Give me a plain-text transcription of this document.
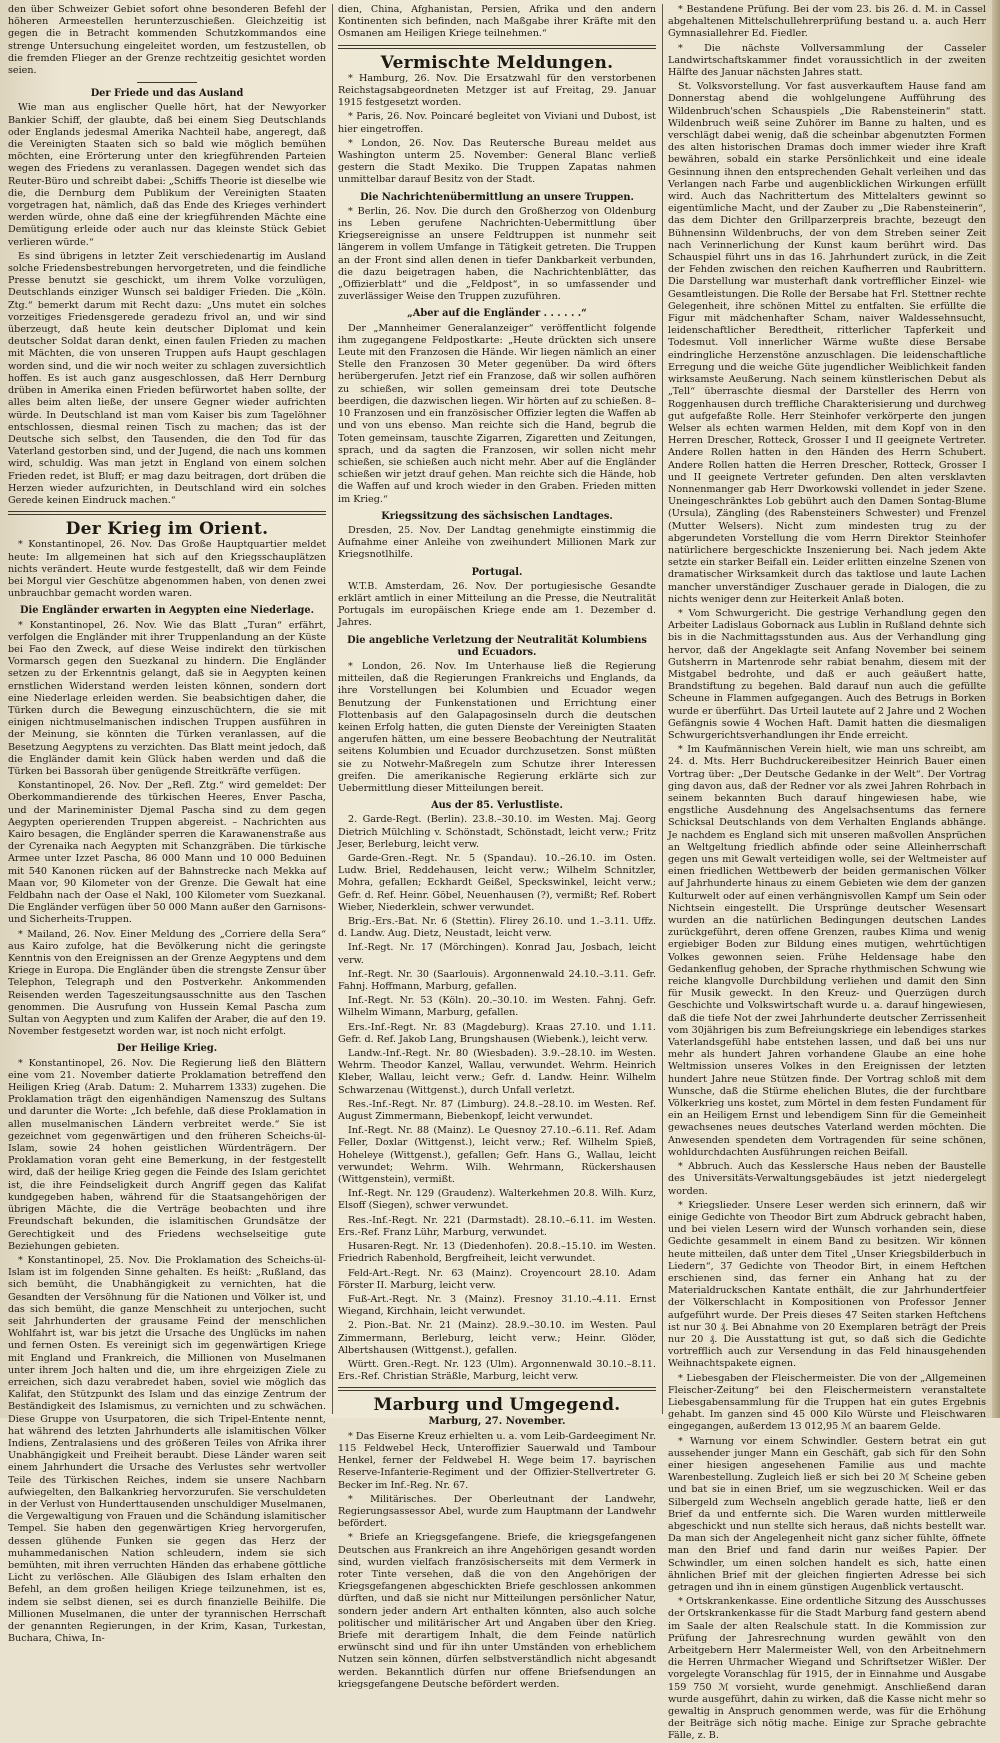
den über Schweizer Gebiet sofort ohne besonderen Befehl der höheren Armeestellen herunterzuschießen. Gleichzeitig ist gegen die in Betracht kommenden Schutzkommandos eine strenge Untersuchung eingeleitet worden, um festzustellen, ob die fremden Flieger an der Grenze rechtzeitig gesichtet worden seien.

Der Friede und das Ausland

Wie man aus englischer Quelle hört, hat der Newyorker Bankier Schiff, der glaubte, daß bei einem Sieg Deutschlands oder Englands jedesmal Amerika Nachteil habe, angeregt, daß die Vereinigten Staaten sich so bald wie möglich bemühen möchten, eine Erörterung unter den kriegführenden Parteien wegen des Friedens zu veranlassen. Dagegen wendet sich das Reuter-Büro und schreibt dabei: „Schiffs Theorie ist dieselbe wie die, die Dernburg dem Publikum der Vereinigten Staaten vorgetragen hat, nämlich, daß das Ende des Krieges verhindert werden würde, ohne daß eine der kriegführenden Mächte eine Demütigung erleide oder auch nur das kleinste Stück Gebiet verlieren würde.“

Es sind übrigens in letzter Zeit verschiedenartig im Ausland solche Friedensbestrebungen hervorgetreten, und die feindliche Presse benutzt sie geschickt, um ihrem Volke vorzulügen, Deutschlands einziger Wunsch sei baldiger Frieden. Die „Köln. Ztg.“ bemerkt darum mit Recht dazu: „Uns mutet ein solches vorzeitiges Friedensgerede geradezu frivol an, und wir sind überzeugt, daß heute kein deutscher Diplomat und kein deutscher Soldat daran denkt, einen faulen Frieden zu machen mit Mächten, die von unseren Truppen aufs Haupt geschlagen worden sind, und die wir noch weiter zu schlagen zuversichtlich hoffen. Es ist auch ganz ausgeschlossen, daß Herr Dernburg drüben in Amerika einen Frieden befürwortet haben sollte, der alles beim alten ließe, der unsere Gegner wieder aufrichten würde. In Deutschland ist man vom Kaiser bis zum Tagelöhner entschlossen, diesmal reinen Tisch zu machen; das ist der Deutsche sich selbst, den Tausenden, die den Tod für das Vaterland gestorben sind, und der Jugend, die nach uns kommen wird, schuldig. Was man jetzt in England von einem solchen Frieden redet, ist Bluff; er mag dazu beitragen, dort drüben die Herzen wieder aufzurichten, in Deutschland wird ein solches Gerede keinen Eindruck machen.“

Der Krieg im Orient.

* Konstantinopel, 26. Nov. Das Große Hauptquartier meldet heute: Im allgemeinen hat sich auf den Kriegsschauplätzen nichts verändert. Heute wurde festgestellt, daß wir dem Feinde bei Morgul vier Geschütze abgenommen haben, von denen zwei unbrauchbar gemacht worden waren.

Die Engländer erwarten in Aegypten eine Niederlage.

* Konstantinopel, 26. Nov. Wie das Blatt „Turan“ erfährt, verfolgen die Engländer mit ihrer Truppenlandung an der Küste bei Fao den Zweck, auf diese Weise indirekt den türkischen Vormarsch gegen den Suezkanal zu hindern. Die Engländer setzen zu der Erkenntnis gelangt, daß sie in Aegypten keinen ernstlichen Widerstand werden leisten können, sondern dort eine Niederlage erleiden werden. Sie beabsichtigen daher, die Türken durch die Bewegung einzuschüchtern, die sie mit einigen nichtmuselmanischen indischen Truppen ausführen in der Meinung, sie könnten die Türken veranlassen, auf die Besetzung Aegyptens zu verzichten. Das Blatt meint jedoch, daß die Engländer damit kein Glück haben werden und daß die Türken bei Bassorah über genügende Streitkräfte verfügen.

Konstantinopel, 26. Nov. Der „Refl. Ztg.“ wird gemeldet: Der Oberkommandierende des türkischen Heeres, Enver Pascha, und der Marineminister Djemal Pascha sind zu dem gegen Aegypten operierenden Truppen abgereist. – Nachrichten aus Kairo besagen, die Engländer sperren die Karawanenstraße aus der Cyrenaika nach Aegypten mit Schanzgräben. Die türkische Armee unter Izzet Pascha, 86 000 Mann und 10 000 Beduinen mit 540 Kanonen rücken auf der Bahnstrecke nach Mekka auf Maan vor, 90 Kilometer von der Grenze. Die Gewalt hat eine Feldbahn nach der Oase el Nakl, 100 Kilometer vom Suezkanal. Die Engländer verfügen über 50 000 Mann außer den Garnisons- und Sicherheits-Truppen.

* Mailand, 26. Nov. Einer Meldung des „Corriere della Sera“ aus Kairo zufolge, hat die Bevölkerung nicht die geringste Kenntnis von den Ereignissen an der Grenze Aegyptens und dem Kriege in Europa. Die Engländer üben die strengste Zensur über Telephon, Telegraph und den Postverkehr. Ankommenden Reisenden werden Tageszeitungsausschnitte aus den Taschen genommen. Die Ausrufung von Hussein Kemal Pascha zum Sultan von Aegypten und zum Kalifen der Araber, die auf den 19. November festgesetzt worden war, ist noch nicht erfolgt.

Der Heilige Krieg.

* Konstantinopel, 26. Nov. Die Regierung ließ den Blättern eine vom 21. November datierte Proklamation betreffend den Heiligen Krieg (Arab. Datum: 2. Muharrem 1333) zugehen. Die Proklamation trägt den eigenhändigen Namenszug des Sultans und darunter die Worte: „Ich befehle, daß diese Proklamation in allen muselmanischen Ländern verbreitet werde.“ Sie ist gezeichnet vom gegenwärtigen und den früheren Scheichs-ül-Islam, sowie 24 hohen geistlichen Würdenträgern. Der Proklamation voran geht eine Bemerkung, in der festgestellt wird, daß der heilige Krieg gegen die Feinde des Islam gerichtet ist, die ihre Feindseligkeit durch Angriff gegen das Kalifat kundgegeben haben, während für die Staatsangehörigen der übrigen Mächte, die die Verträge beobachten und ihre Freundschaft bekunden, die islamitischen Grundsätze der Gerechtigkeit und des Friedens wechselseitige gute Beziehungen gebieten.

* Konstantinopel, 25. Nov. Die Proklamation des Scheichs-ül-Islam ist im folgenden Sinne gehalten. Es heißt: „Rußland, das sich bemüht, die Unabhängigkeit zu vernichten, hat die Gesandten der Versöhnung für die Nationen und Völker ist, und das sich bemüht, die ganze Menschheit zu unterjochen, sucht seit Jahrhunderten der grausame Feind der menschlichen Wohlfahrt ist, war bis jetzt die Ursache des Unglücks im nahen und fernen Osten. Es vereinigt sich im gegenwärtigen Kriege mit England und Frankreich, die Millionen von Muselmanen unter ihrem Joch halten und die, um ihre ehrgeizigen Ziele zu erreichen, sich dazu verabredet haben, soviel wie möglich das Kalifat, den Stützpunkt des Islam und das einzige Zentrum der Beständigkeit des Islamismus, zu vernichten und zu schwächen. Diese Gruppe von Usurpatoren, die sich Tripel-Entente nennt, hat während des letzten Jahrhunderts alle islamitischen Völker Indiens, Zentralasiens und des größeren Teiles von Afrika ihrer Unabhängigkeit und Freiheit beraubt. Diese Länder waren seit einem Jahrhundert die Ursache des Verlustes sehr wertvoller Teile des Türkischen Reiches, indem sie unsere Nachbarn aufwiegelten, den Balkankrieg hervorzurufen. Sie verschuldeten in der Verlust von Hunderttausenden unschuldiger Muselmanen, die Vergewaltigung von Frauen und die Schändung islamitischer Tempel. Sie haben den gegenwärtigen Krieg hervorgerufen, dessen glühende Funken sie gegen das Herz der muhammedanischen Nation schleudern, indem sie sich bemühten, mit ihren verruchten Händen das erhabene göttliche Licht zu verlöschen. Alle Gläubigen des Islam erhalten den Befehl, an dem großen heiligen Kriege teilzunehmen, ist es, indem sie selbst dienen, sei es durch finanzielle Beihilfe. Die Millionen Muselmanen, die unter der tyrannischen Herrschaft der genannten Regierungen, in der Krim, Kasan, Turkestan, Buchara, Chiwa, In-

dien, China, Afghanistan, Persien, Afrika und den andern Kontinenten sich befinden, nach Maßgabe ihrer Kräfte mit den Osmanen am Heiligen Kriege teilnehmen.“

Vermischte Meldungen.

* Hamburg, 26. Nov. Die Ersatzwahl für den verstorbenen Reichstagsabgeordneten Metzger ist auf Freitag, 29. Januar 1915 festgesetzt worden.

* Paris, 26. Nov. Poincaré begleitet von Viviani und Dubost, ist hier eingetroffen.

* London, 26. Nov. Das Reutersche Bureau meldet aus Washington unterm 25. November: General Blanc verließ gestern die Stadt Mexiko. Die Truppen Zapatas nahmen unmittelbar darauf Besitz von der Stadt.

Die Nachrichtenübermittlung an unsere Truppen.

* Berlin, 26. Nov. Die durch den Großherzog von Oldenburg ins Leben gerufene Nachrichten-Uebermittlung über Kriegsereignisse an unsere Feldtruppen ist nunmehr seit längerem in vollem Umfange in Tätigkeit getreten. Die Truppen an der Front sind allen denen in tiefer Dankbarkeit verbunden, die dazu beigetragen haben, die Nachrichtenblätter, das „Offizierblatt“ und die „Feldpost“, in so umfassender und zuverlässiger Weise den Truppen zuzuführen.

„Aber auf die Engländer . . . . . .“

Der „Mannheimer Generalanzeiger“ veröffentlicht folgende ihm zugegangene Feldpostkarte: „Heute drückten sich unsere Leute mit den Franzosen die Hände. Wir liegen nämlich an einer Stelle den Franzosen 30 Meter gegenüber. Da wird öfters herübergerufen. Jetzt rief ein Franzose, daß wir sollen aufhören zu schießen, wir sollen gemeinsam drei tote Deutsche beerdigen, die dazwischen liegen. Wir hörten auf zu schießen. 8–10 Franzosen und ein französischer Offizier legten die Waffen ab und von uns ebenso. Man reichte sich die Hand, begrub die Toten gemeinsam, tauschte Zigarren, Zigaretten und Zeitungen, sprach, und da sagten die Franzosen, wir sollen nicht mehr schießen, sie schießen auch nicht mehr. Aber auf die Engländer schießen wir jetzt drauf gehen. Man reichte sich die Hände, hob die Waffen auf und kroch wieder in den Graben. Frieden mitten im Krieg.“

Kriegssitzung des sächsischen Landtages.

Dresden, 25. Nov. Der Landtag genehmigte einstimmig die Aufnahme einer Anleihe von zweihundert Millionen Mark zur Kriegsnotlhilfe.

Portugal.

W.T.B. Amsterdam, 26. Nov. Der portugiesische Gesandte erklärt amtlich in einer Mitteilung an die Presse, die Neutralität Portugals im europäischen Kriege ende am 1. Dezember d. Jahres.

Die angebliche Verletzung der Neutralität Kolumbiens und Ecuadors.

* London, 26. Nov. Im Unterhause ließ die Regierung mitteilen, daß die Regierungen Frankreichs und Englands, da ihre Vorstellungen bei Kolumbien und Ecuador wegen Benutzung der Funkenstationen und Errichtung einer Flottenbasis auf den Galapagosinseln durch die deutschen keinen Erfolg hatten, die guten Dienste der Vereinigten Staaten angerufen hätten, um eine bessere Beobachtung der Neutralität seitens Kolumbien und Ecuador durchzusetzen. Sonst müßten sie zu Notwehr-Maßregeln zum Schutze ihrer Interessen greifen. Die amerikanische Regierung erklärte sich zur Uebermittlung dieser Mitteilungen bereit.

Aus der 85. Verlustliste.

2. Garde-Regt. (Berlin). 23.8.–30.10. im Westen. Maj. Georg Dietrich Mülchling v. Schönstadt, Schönstadt, leicht verw.; Fritz Jeser, Berleburg, leicht verw.

Garde-Gren.-Regt. Nr. 5 (Spandau). 10.–26.10. im Osten. Ludw. Briel, Reddehausen, leicht verw.; Wilhelm Schnitzler, Mohra, gefallen; Eckhardt Geißel, Speckswinkel, leicht verw.; Gefr. d. Ref. Heinr. Göbel, Neuenhausen (?), vermißt; Ref. Robert Wieber, Niederklein, schwer verwundet.

Brig.-Ers.-Bat. Nr. 6 (Stettin). Flirey 26.10. und 1.–3.11. Uffz. d. Landw. Aug. Dietz, Neustadt, leicht verw.

Inf.-Regt. Nr. 17 (Mörchingen). Konrad Jau, Josbach, leicht verw.

Inf.-Regt. Nr. 30 (Saarlouis). Argonnenwald 24.10.–3.11. Gefr. Fahnj. Hoffmann, Marburg, gefallen.

Inf.-Regt. Nr. 53 (Köln). 20.–30.10. im Westen. Fahnj. Gefr. Wilhelm Wimann, Marburg, gefallen.

Ers.-Inf.-Regt. Nr. 83 (Magdeburg). Kraas 27.10. und 1.11. Gefr. d. Ref. Jakob Lang, Brungshausen (Wiebenk.), leicht verw.

Landw.-Inf.-Regt. Nr. 80 (Wiesbaden). 3.9.–28.10. im Westen. Wehrm. Theodor Kanzel, Wallau, verwundet. Wehrm. Heinrich Kleber, Wallau, leicht verw.; Gefr. d. Landw. Heinr. Wilhelm Schwarzenau (Wittgenst.), durch Unfall verletzt.

Res.-Inf.-Regt. Nr. 87 (Limburg). 24.8.–28.10. im Westen. Ref. August Zimmermann, Biebenkopf, leicht verwundet.

Inf.-Regt. Nr. 88 (Mainz). Le Quesnoy 27.10.–6.11. Ref. Adam Feller, Doxlar (Wittgenst.), leicht verw.; Ref. Wilhelm Spieß, Hoheleye (Wittgenst.), gefallen; Gefr. Hans G., Wallau, leicht verwundet; Wehrm. Wilh. Wehrmann, Rückershausen (Wittgenstein), vermißt.

Inf.-Regt. Nr. 129 (Graudenz). Walterkehmen 20.8. Wilh. Kurz, Elsoff (Siegen), schwer verwundet.

Res.-Inf.-Regt. Nr. 221 (Darmstadt). 28.10.–6.11. im Westen. Ers.-Ref. Franz Lühr, Marburg, verwundet.

Husaren-Regt. Nr. 13 (Diedenhofen). 20.8.–15.10. im Westen. Friedrich Rabenhold, Bergfreiheit, leicht verwundet.

Feld-Art.-Regt. Nr. 63 (Mainz). Croyencourt 28.10. Adam Förster II. Marburg, leicht verw.

Fuß-Art.-Regt. Nr. 3 (Mainz). Fresnoy 31.10.–4.11. Ernst Wiegand, Kirchhain, leicht verwundet.

2. Pion.-Bat. Nr. 21 (Mainz). 28.9.–30.10. im Westen. Paul Zimmermann, Berleburg, leicht verw.; Heinr. Glöder, Albertshausen (Wittgenst.), gefallen.

Württ. Gren.-Regt. Nr. 123 (Ulm). Argonnenwald 30.10.–8.11. Ers.-Ref. Christian Sträßle, Marburg, leicht verw.

Marburg und Umgegend.
Marburg, 27. November.

* Das Eiserne Kreuz erhielten u. a. vom Leib-Gardeegiment Nr. 115 Feldwebel Heck, Unteroffizier Sauerwald und Tambour Henkel, ferner der Feldwebel H. Wege beim 17. bayrischen Reserve-Infanterie-Regiment und der Offizier-Stellvertreter G. Becker im Inf.-Reg. Nr. 67.

* Militärisches. Der Oberleutnant der Landwehr, Regierungsassessor Abel, wurde zum Hauptmann der Landwehr befördert.

* Briefe an Kriegsgefangene. Briefe, die kriegsgefangenen Deutschen aus Frankreich an ihre Angehörigen gesandt worden sind, wurden vielfach französischerseits mit dem Vermerk in roter Tinte versehen, daß die von den Angehörigen der Kriegsgefangenen abgeschickten Briefe geschlossen ankommen dürften, und daß sie nicht nur Mitteilungen persönlicher Natur, sondern jeder andern Art enthalten könnten, also auch solche politischer und militärischer Art und Angaben über den Krieg. Briefe mit derartigem Inhalt, die dem Feinde natürlich erwünscht sind und für ihn unter Umständen von erheblichem Nutzen sein können, dürfen selbstverständlich nicht abgesandt werden. Bekanntlich dürfen nur offene Briefsendungen an kriegsgefangene Deutsche befördert werden.

* Bestandene Prüfung. Bei der vom 23. bis 26. d. M. in Cassel abgehaltenen Mittelschullehrerprüfung bestand u. a. auch Herr Gymnasiallehrer Ed. Fiedler.

* Die nächste Vollversammlung der Casseler Landwirtschaftskammer findet voraussichtlich in der zweiten Hälfte des Januar nächsten Jahres statt.

St. Volksvorstellung. Vor fast ausverkauftem Hause fand am Donnerstag abend die wohlgelungene Aufführung des Wildenbruch'schen Schauspiels „Die Rabensteinerin“ statt. Wildenbruch weiß seine Zuhörer im Banne zu halten, und es verschlägt dabei wenig, daß die scheinbar abgenutzten Formen des alten historischen Dramas doch immer wieder ihre Kraft bewähren, sobald ein starke Persönlichkeit und eine ideale Gesinnung ihnen den entsprechenden Gehalt verleihen und das Verlangen nach Farbe und augenblicklichen Wirkungen erfüllt wird. Auch das Nachrittertum des Mittelalters gewinnt so eigentümliche Macht, und der Zauber zu „Die Rabensteinerin“, das dem Dichter den Grillparzerpreis brachte, bezeugt den Bühnensinn Wildenbruchs, der von dem Streben seiner Zeit nach Verinnerlichung der Kunst kaum berührt wird. Das Schauspiel führt uns in das 16. Jahrhundert zurück, in die Zeit der Fehden zwischen den reichen Kaufherren und Raubrittern. Die Darstellung war musterhaft dank vortrefflicher Einzel- wie Gesamtleistungen. Die Rolle der Bersabe hat Frl. Stettner rechte Gelegenheit, ihre schönen Mittel zu entfalten. Sie erfüllte die Figur mit mädchenhafter Scham, naiver Waldessehnsucht, leidenschaftlicher Beredtheit, ritterlicher Tapferkeit und Todesmut. Voll innerlicher Wärme wußte diese Bersabe eindringliche Herzenstöne anzuschlagen. Die leidenschaftliche Erregung und die weiche Güte jugendlicher Weiblichkeit fanden wirksamste Aeußerung. Nach seinem künstlerischen Debut als „Tell“ überraschte diesmal der Darsteller des Herrn von Roggenhausen durch treffliche Charakterisierung und durchweg gut aufgefaßte Rolle. Herr Steinhofer verkörperte den jungen Welser als echten warmen Helden, mit dem Kopf von in den Herren Drescher, Rotteck, Grosser I und II geeignete Vertreter. Andere Rollen hatten in den Händen des Herrn Schubert. Andere Rollen hatten die Herren Drescher, Rotteck, Grosser I und II geeignete Vertreter gefunden. Den alten versklavten Nonnenmanger gab Herr Dworkowski vollendet in jeder Szene. Uneingeschränktes Lob gebührt auch den Damen Sontag-Blume (Ursula), Zängling (des Rabensteiners Schwester) und Frenzel (Mutter Welsers). Nicht zum mindesten trug zu der abgerundeten Vorstellung die vom Herrn Direktor Steinhofer natürlichere bergeschickte Inszenierung bei. Nach jedem Akte setzte ein starker Beifall ein. Leider erlitten einzelne Szenen von dramatischer Wirksamkeit durch das taktlose und laute Lachen mancher unverständiger Zuschauer gerade in Dialogen, die zu nichts weniger denn zur Heiterkeit Anlaß boten.

* Vom Schwurgericht. Die gestrige Verhandlung gegen den Arbeiter Ladislaus Gobornack aus Lublin in Rußland dehnte sich bis in die Nachmittagsstunden aus. Aus der Verhandlung ging hervor, daß der Angeklagte seit Anfang November bei seinem Gutsherrn in Martenrode sehr rabiat benahm, diesem mit der Mistgabel bedrohte, und daß er auch geäußert hatte, Brandstiftung zu begehen. Bald darauf nun auch die gefüllte Scheune in Flammen aufgegangen. Auch des Betrugs in Borken wurde er überführt. Das Urteil lautete auf 2 Jahre und 2 Wochen Gefängnis sowie 4 Wochen Haft. Damit hatten die diesmaligen Schwurgerichtsverhandlungen ihr Ende erreicht.

* Im Kaufmännischen Verein hielt, wie man uns schreibt, am 24. d. Mts. Herr Buchdruckereibesitzer Heinrich Bauer einen Vortrag über: „Der Deutsche Gedanke in der Welt“. Der Vortrag ging davon aus, daß der Redner vor als zwei Jahren Rohrbach in seinem bekannten Buch darauf hingewiesen habe, wie engstliche Ausdehnung des Angelsachsentums das fernere Schicksal Deutschlands von dem Verhalten Englands abhänge. Je nachdem es England sich mit unseren maßvollen Ansprüchen an Weltgeltung friedlich abfinde oder seine Alleinherrschaft gegen uns mit Gewalt verteidigen wolle, sei der Weltmeister auf einen friedlichen Wettbewerb der beiden germanischen Völker auf Jahrhunderte hinaus zu einem Gebieten wie dem der ganzen Kulturwelt oder auf einen verhängnisvollen Kampf um Sein oder Nichtsein eingestellt. Die Ursprünge deutscher Wesensart wurden an die natürlichen Bedingungen deutschen Landes zurückgeführt, deren offene Grenzen, raubes Klima und wenig ergiebiger Boden zur Bildung eines mutigen, wehrtüchtigen Volkes gewonnen seien. Frühe Heldensage habe den Gedankenflug gehoben, der Sprache rhythmischen Schwung wie reiche klangvolle Durchbildung verliehen und damit den Sinn für Musik geweckt. In den Kreuz- und Querzügen durch Geschichte und Volkswirtschaft wurde u. a. darauf hingewiesen, daß die tiefe Not der zwei Jahrhunderte deutscher Zerrissenheit vom 30jährigen bis zum Befreiungskriege ein lebendiges starkes Vaterlandsgefühl habe entstehen lassen, und daß bei uns nur mehr als hundert Jahren vorhandene Glaube an eine hohe Weltmission unseres Volkes in den Ereignissen der letzten hundert Jahre neue Stützen finde. Der Vortrag schloß mit dem Wunsche, daß die Stürme ehelichen Blutes, die der furchtbare Völkerkrieg uns kostet, zum Mörtel in dem festen Fundament für ein an Heiligem Ernst und lebendigem Sinn für die Gemeinheit gewachsenes neues deutsches Vaterland werden möchten. Die Anwesenden spendeten dem Vortragenden für seine schönen, wohldurchdachten Ausführungen reichen Beifall.

* Abbruch. Auch das Kesslersche Haus neben der Baustelle des Universitäts-Verwaltungsgebäudes ist jetzt niedergelegt worden.

* Kriegslieder. Unsere Leser werden sich erinnern, daß wir einige Gedichte von Theodor Birt zum Abdruck gebracht haben, und bei vielen Lesern wird der Wunsch vorhanden sein, diese Gedichte gesammelt in einem Band zu besitzen. Wir können heute mitteilen, daß unter dem Titel „Unser Kriegsbilderbuch in Liedern“, 37 Gedichte von Theodor Birt, in einem Heftchen erschienen sind, das ferner ein Anhang hat zu der Materialdruckschen Kantate enthält, die zur Jahrhundertfeier der Völkerschlacht in Kompositionen von Professor Jenner aufgeführt wurde. Der Preis dieses 47 Seiten starken Heftchens ist nur 30 ₰. Bei Abnahme von 20 Exemplaren beträgt der Preis nur 20 ₰. Die Ausstattung ist gut, so daß sich die Gedichte vortrefflich auch zur Versendung in das Feld hinausgehenden Weihnachtspakete eignen.

* Liebesgaben der Fleischermeister. Die von der „Allgemeinen Fleischer-Zeitung“ bei den Fleischermeistern veranstaltete Liebesgabensammlung für die Truppen hat ein gutes Ergebnis gehabt. Im ganzen sind 45 000 Kilo Würste und Fleischwaren eingegangen, außerdem 13 012,95 ℳ an baarem Gelde.

* Warnung vor einem Schwindler. Gestern betrat ein gut aussehender junger Mann ein Geschäft, gab sich für den Sohn einer hiesigen angesehenen Familie aus und machte Warenbestellung. Zugleich ließ er sich bei 20 ℳ Scheine geben und bat sie in einen Brief, um sie wegzuschicken. Weil er das Silbergeld zum Wechseln angeblich gerade hatte, ließ er den Brief da und entfernte sich. Die Waren wurden mittlerweile abgeschickt und nun stellte sich heraus, daß nichts bestellt war. Da man sich der Angelegenheit nicht ganz sicher fühlte, öffnete man den Brief und fand darin nur weißes Papier. Der Schwindler, um einen solchen handelt es sich, hatte einen ähnlichen Brief mit der gleichen fingierten Adresse bei sich getragen und ihn in einem günstigen Augenblick vertauscht.

* Ortskrankenkasse. Eine ordentliche Sitzung des Ausschusses der Ortskrankenkasse für die Stadt Marburg fand gestern abend im Saale der alten Realschule statt. In die Kommission zur Prüfung der Jahresrechnung wurden gewählt von den Arbeitgebern Herr Malermeister Well, von den Arbeitnehmern die Herren Uhrmacher Wiegand und Schriftsetzer Wißler. Der vorgelegte Voranschlag für 1915, der in Einnahme und Ausgabe 159 750 ℳ vorsieht, wurde genehmigt. Anschließend daran wurde ausgeführt, dahin zu wirken, daß die Kasse nicht mehr so gewaltig in Anspruch genommen werde, was für die Erhöhung der Beiträge sich nötig mache. Einige zur Sprache gebrachte Fälle, z. B.
